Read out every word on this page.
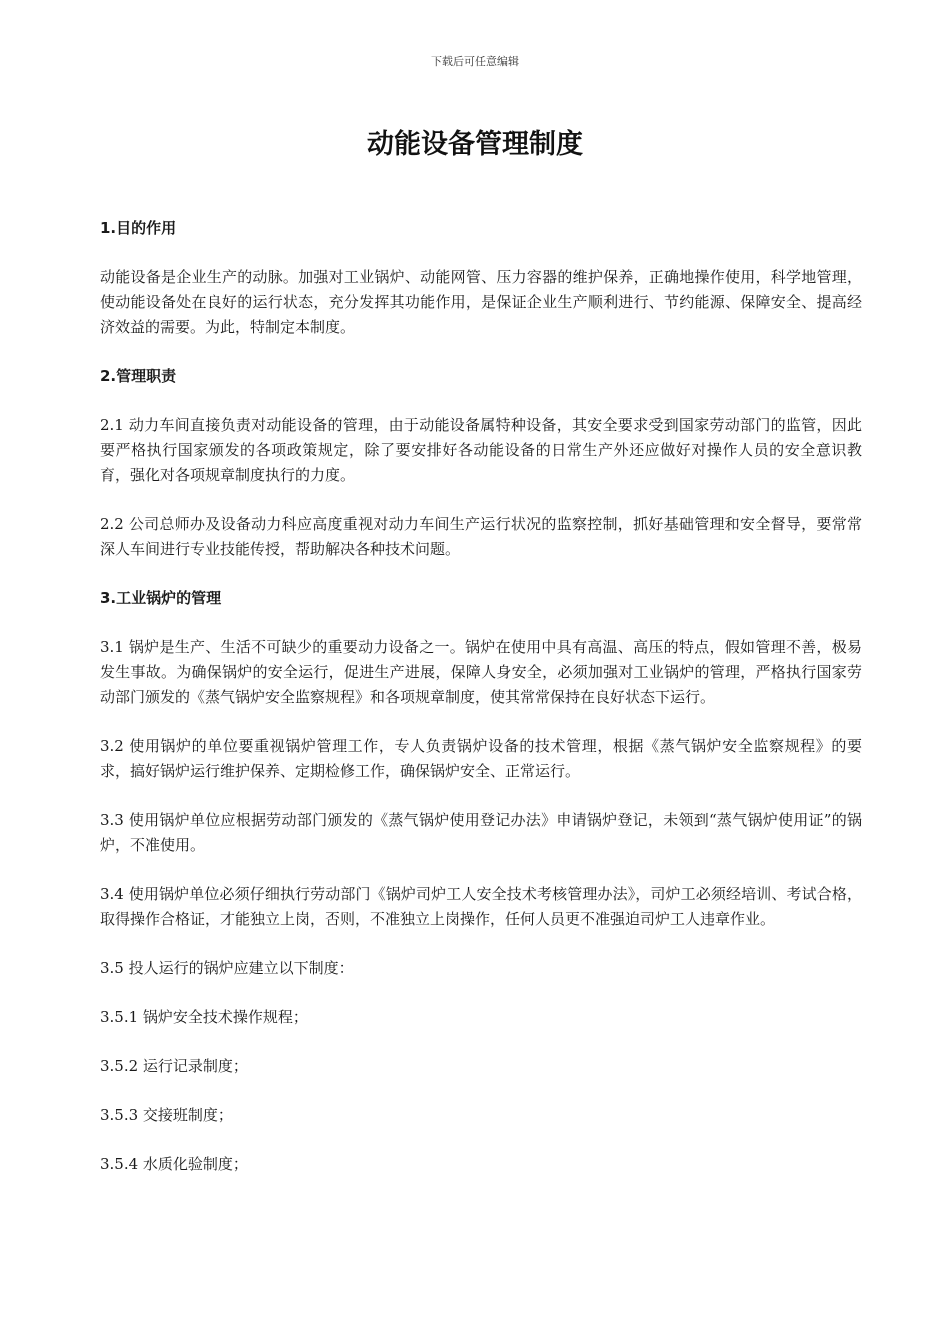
下载后可任意编辑
动能设备管理制度
1.目的作用

动能设备是企业生产的动脉。加强对工业锅炉、动能网管、压力容器的维护保养，正确地操作使用，科学地管理，使动能设备处在良好的运行状态，充分发挥其功能作用，是保证企业生产顺利进行、节约能源、保障安全、提高经济效益的需要。为此，特制定本制度。

2.管理职责

2.1 动力车间直接负责对动能设备的管理，由于动能设备属特种设备，其安全要求受到国家劳动部门的监管，因此要严格执行国家颁发的各项政策规定，除了要安排好各动能设备的日常生产外还应做好对操作人员的安全意识教育，强化对各项规章制度执行的力度。

2.2 公司总师办及设备动力科应高度重视对动力车间生产运行状况的监察控制，抓好基础管理和安全督导，要常常深人车间进行专业技能传授，帮助解决各种技术问题。

3.工业锅炉的管理

3.1 锅炉是生产、生活不可缺少的重要动力设备之一。锅炉在使用中具有高温、高压的特点，假如管理不善，极易发生事故。为确保锅炉的安全运行，促进生产进展，保障人身安全，必须加强对工业锅炉的管理，严格执行国家劳动部门颁发的《蒸气锅炉安全监察规程》和各项规章制度，使其常常保持在良好状态下运行。

3.2 使用锅炉的单位要重视锅炉管理工作，专人负责锅炉设备的技术管理，根据《蒸气锅炉安全监察规程》的要求，搞好锅炉运行维护保养、定期检修工作，确保锅炉安全、正常运行。

3.3 使用锅炉单位应根据劳动部门颁发的《蒸气锅炉使用登记办法》申请锅炉登记，未领到“蒸气锅炉使用证”的锅炉，不准使用。

3.4 使用锅炉单位必须仔细执行劳动部门《锅炉司炉工人安全技术考核管理办法》，司炉工必须经培训、考试合格，取得操作合格证，才能独立上岗，否则，不准独立上岗操作，任何人员更不准强迫司炉工人违章作业。

3.5 投人运行的锅炉应建立以下制度：

3.5.1 锅炉安全技术操作规程；

3.5.2 运行记录制度；

3.5.3 交接班制度；

3.5.4 水质化验制度；
